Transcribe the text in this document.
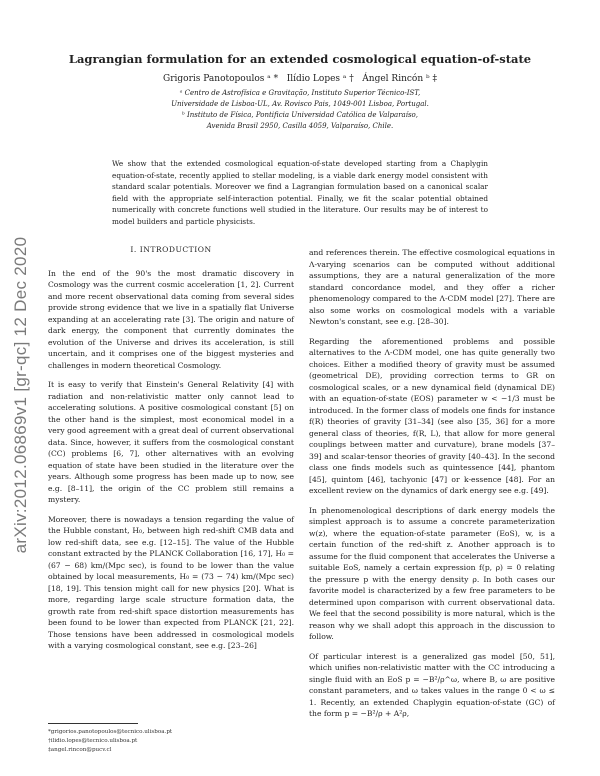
arXiv:2012.06869v1 [gr-qc] 12 Dec 2020
Lagrangian formulation for an extended cosmological equation-of-state
Grigoris Panotopoulos ᵃ *   Ilídio Lopes ᵃ †   Ángel Rincón ᵇ ‡
ᵃ Centro de Astrofísica e Gravitação, Instituto Superior Técnico-IST,
Universidade de Lisboa-UL, Av. Rovisco Pais, 1049-001 Lisboa, Portugal.
ᵇ Instituto de Física, Pontificia Universidad Católica de Valparaíso,
Avenida Brasil 2950, Casilla 4059, Valparaíso, Chile.
We show that the extended cosmological equation-of-state developed starting from a Chaplygin equation-of-state, recently applied to stellar modeling, is a viable dark energy model consistent with standard scalar potentials. Moreover we find a Lagrangian formulation based on a canonical scalar field with the appropriate self-interaction potential. Finally, we fit the scalar potential obtained numerically with concrete functions well studied in the literature. Our results may be of interest to model builders and particle physicists.
I. INTRODUCTION

In the end of the 90's the most dramatic discovery in Cosmology was the current cosmic acceleration [1, 2]. Current and more recent observational data coming from several sides provide strong evidence that we live in a spatially flat Universe expanding at an accelerating rate [3]. The origin and nature of dark energy, the component that currently dominates the evolution of the Universe and drives its acceleration, is still uncertain, and it comprises one of the biggest mysteries and challenges in modern theoretical Cosmology.

It is easy to verify that Einstein's General Relativity [4] with radiation and non-relativistic matter only cannot lead to accelerating solutions. A positive cosmological constant [5] on the other hand is the simplest, most economical model in a very good agreement with a great deal of current observational data. Since, however, it suffers from the cosmological constant (CC) problems [6, 7], other alternatives with an evolving equation of state have been studied in the literature over the years. Although some progress has been made up to now, see e.g. [8–11], the origin of the CC problem still remains a mystery.

Moreover, there is nowadays a tension regarding the value of the Hubble constant, H₀, between high red-shift CMB data and low red-shift data, see e.g. [12–15]. The value of the Hubble constant extracted by the PLANCK Collaboration [16, 17], H₀ = (67 − 68) km/(Mpc sec), is found to be lower than the value obtained by local measurements, H₀ = (73 − 74) km/(Mpc sec) [18, 19]. This tension might call for new physics [20]. What is more, regarding large scale structure formation data, the growth rate from red-shift space distortion measurements has been found to be lower than expected from PLANCK [21, 22]. Those tensions have been addressed in cosmological models with a varying cosmological constant, see e.g. [23–26]

and references therein. The effective cosmological equations in Λ-varying scenarios can be computed without additional assumptions, they are a natural generalization of the more standard concordance model, and they offer a richer phenomenology compared to the Λ-CDM model [27]. There are also some works on cosmological models with a variable Newton's constant, see e.g. [28–30].

Regarding the aforementioned problems and possible alternatives to the Λ-CDM model, one has quite generally two choices. Either a modified theory of gravity must be assumed (geometrical DE), providing correction terms to GR on cosmological scales, or a new dynamical field (dynamical DE) with an equation-of-state (EOS) parameter w < −1/3 must be introduced. In the former class of models one finds for instance f(R) theories of gravity [31–34] (see also [35, 36] for a more general class of theories, f(R, L), that allow for more general couplings between matter and curvature), brane models [37–39] and scalar-tensor theories of gravity [40–43]. In the second class one finds models such as quintessence [44], phantom [45], quintom [46], tachyonic [47] or k-essence [48]. For an excellent review on the dynamics of dark energy see e.g. [49].

In phenomenological descriptions of dark energy models the simplest approach is to assume a concrete parameterization w(z), where the equation-of-state parameter (EoS), w, is a certain function of the red-shift z. Another approach is to assume for the fluid component that accelerates the Universe a suitable EoS, namely a certain expression f(p, ρ) = 0 relating the pressure p with the energy density ρ. In both cases our favorite model is characterized by a few free parameters to be determined upon comparison with current observational data. We feel that the second possibility is more natural, which is the reason why we shall adopt this approach in the discussion to follow.

Of particular interest is a generalized gas model [50, 51], which unifies non-relativistic matter with the CC introducing a single fluid with an EoS p = −B²/ρ^ω, where B, ω are positive constant parameters, and ω takes values in the range 0 < ω ≤ 1. Recently, an extended Chaplygin equation-of-state (GC) of the form p = −B²/ρ + A²ρ,

*grigorios.panotopoulos@tecnico.ulisboa.pt
†ilidio.lopes@tecnico.ulisboa.pt
‡angel.rincon@pucv.cl
